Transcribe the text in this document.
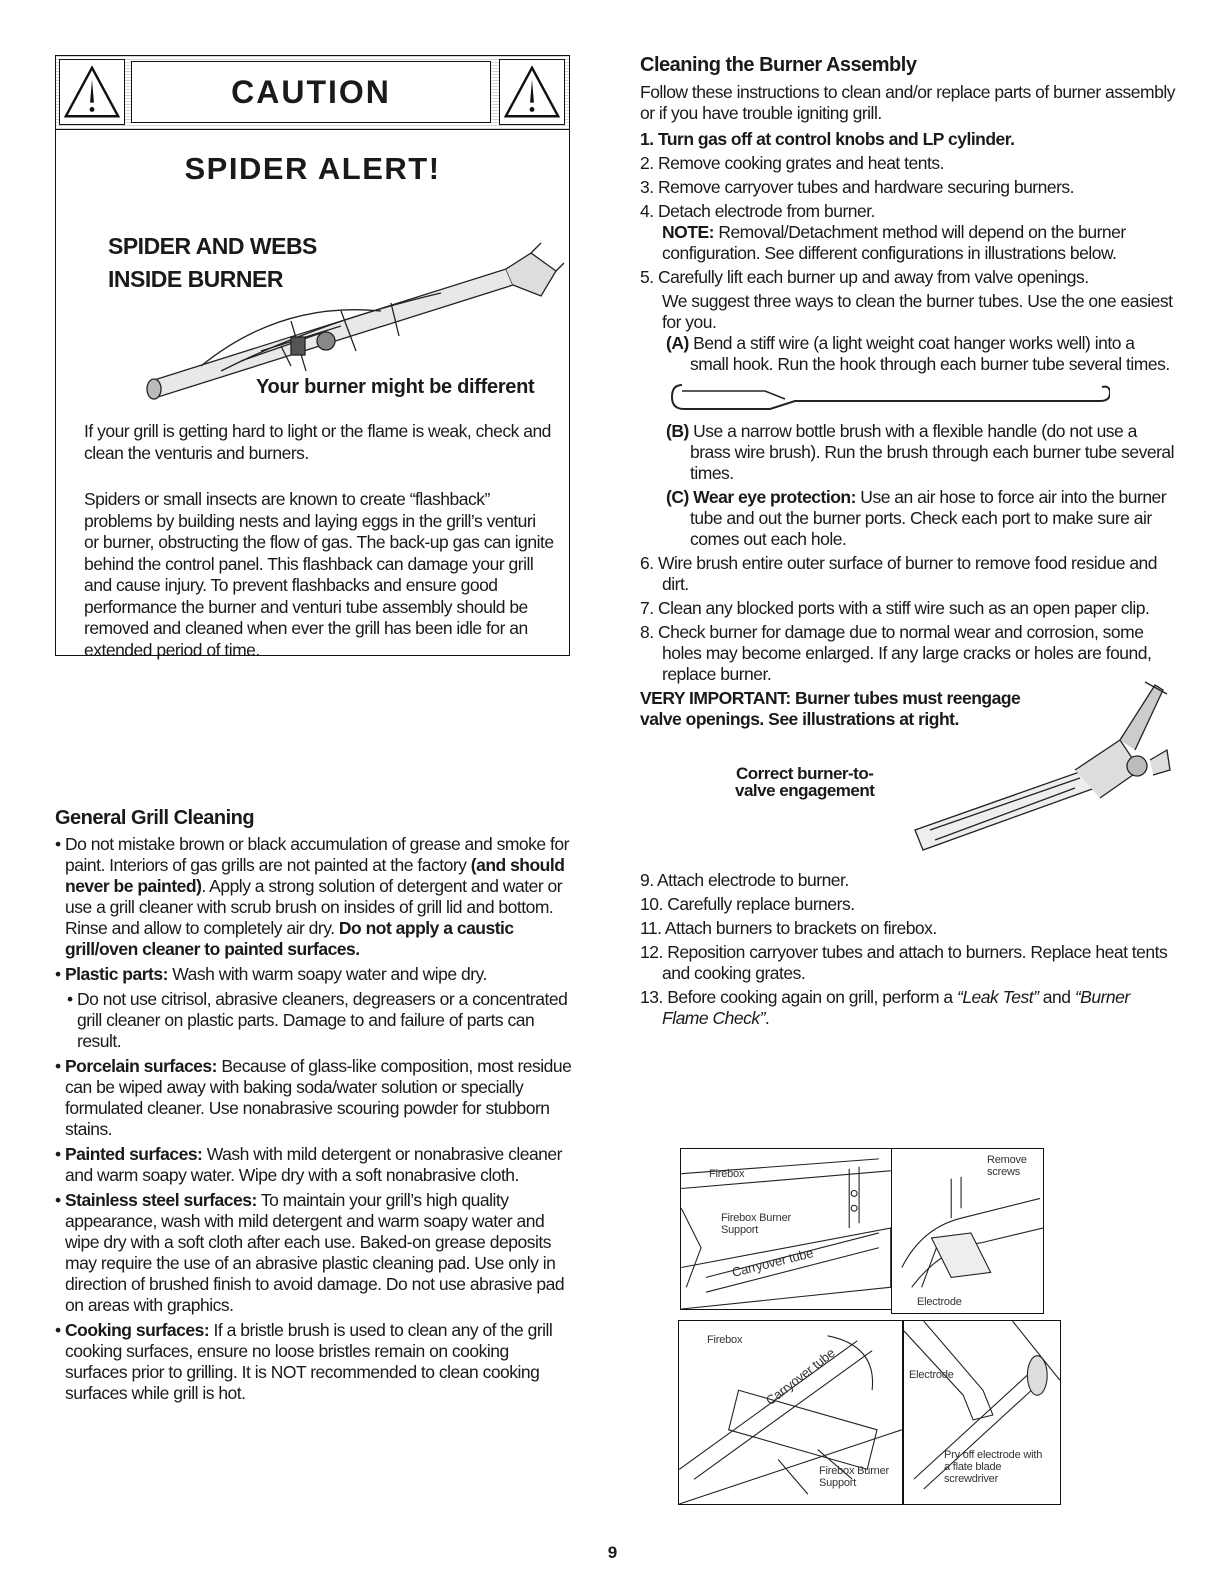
CAUTION
SPIDER ALERT!
SPIDER AND WEBS
INSIDE BURNER
Your burner might be different
If your grill is getting hard to light or the flame is weak, check and clean the venturis and burners.
Spiders or small insects are known to create “flashback” problems by building nests and laying eggs in the grill’s venturi or burner, obstructing the flow of gas. The back-up gas can ignite behind the control panel. This flashback can damage your grill and cause injury. To prevent flashbacks and ensure good performance the burner and venturi tube assembly should be removed and cleaned when ever the grill has been idle for an extended period of time.
General Grill Cleaning
• Do not mistake brown or black accumulation of grease and smoke for paint. Interiors of gas grills are not painted at the factory (and should never be painted). Apply a strong solution of detergent and water or use a grill cleaner with scrub brush on insides of grill lid and bottom. Rinse and allow to completely air dry. Do not apply a caustic grill/oven cleaner to painted surfaces.
• Plastic parts: Wash with warm soapy water and wipe dry.
• Do not use citrisol, abrasive cleaners, degreasers or a concentrated grill cleaner on plastic parts. Damage to and failure of parts can result.
• Porcelain surfaces: Because of glass-like composition, most residue can be wiped away with baking soda/water solution or specially formulated cleaner. Use nonabrasive scouring powder for stubborn stains.
• Painted surfaces: Wash with mild detergent or nonabrasive cleaner and warm soapy water. Wipe dry with a soft nonabrasive cloth.
• Stainless steel surfaces: To maintain your grill’s high quality appearance, wash with mild detergent and warm soapy water and wipe dry with a soft cloth after each use. Baked-on grease deposits may require the use of an abrasive plastic cleaning pad. Use only in direction of brushed finish to avoid damage. Do not use abrasive pad on areas with graphics.
• Cooking surfaces: If a bristle brush is used to clean any of the grill cooking surfaces, ensure no loose bristles remain on cooking surfaces prior to grilling. It is NOT recommended to clean cooking surfaces while grill is hot.
Cleaning the Burner Assembly
Follow these instructions to clean and/or replace parts of burner assembly or if you have trouble igniting grill.
1. Turn gas off at control knobs and LP cylinder.
2. Remove cooking grates and heat tents.
3. Remove carryover tubes and hardware securing burners.
4. Detach electrode from burner.
NOTE: Removal/Detachment method will depend on the burner configuration. See different configurations in illustrations below.
5. Carefully lift each burner up and away from valve openings.
We suggest three ways to clean the burner tubes. Use the one easiest for you.
(A) Bend a stiff wire (a light weight coat hanger works well) into a small hook. Run the hook through each burner tube several times.
(B) Use a narrow bottle brush with a flexible handle (do not use a brass wire brush). Run the brush through each burner tube several times.
(C) Wear eye protection: Use an air hose to force air into the burner tube and out the burner ports. Check each port to make sure air comes out each hole.
6. Wire brush entire outer surface of burner to remove food residue and dirt.
7. Clean any blocked ports with a stiff wire such as an open paper clip.
8. Check burner for damage due to normal wear and corrosion, some holes may become enlarged. If any large cracks or holes are found, replace burner.
VERY IMPORTANT: Burner tubes must reengage valve openings. See illustrations at right.
Correct burner-to-
valve engagement
9. Attach electrode to burner.
10. Carefully replace burners.
11. Attach burners to brackets on firebox.
12. Reposition carryover tubes and attach to burners. Replace heat tents and cooking grates.
13. Before cooking again on grill, perform a “Leak Test” and “Burner Flame Check”.
Firebox
Firebox Burner
Support
Carryover tube
Remove
screws
Electrode
Firebox
Carryover tube
Firebox Burner
Support
Electrode
Pry off electrode with
a flate blade
screwdriver
9
